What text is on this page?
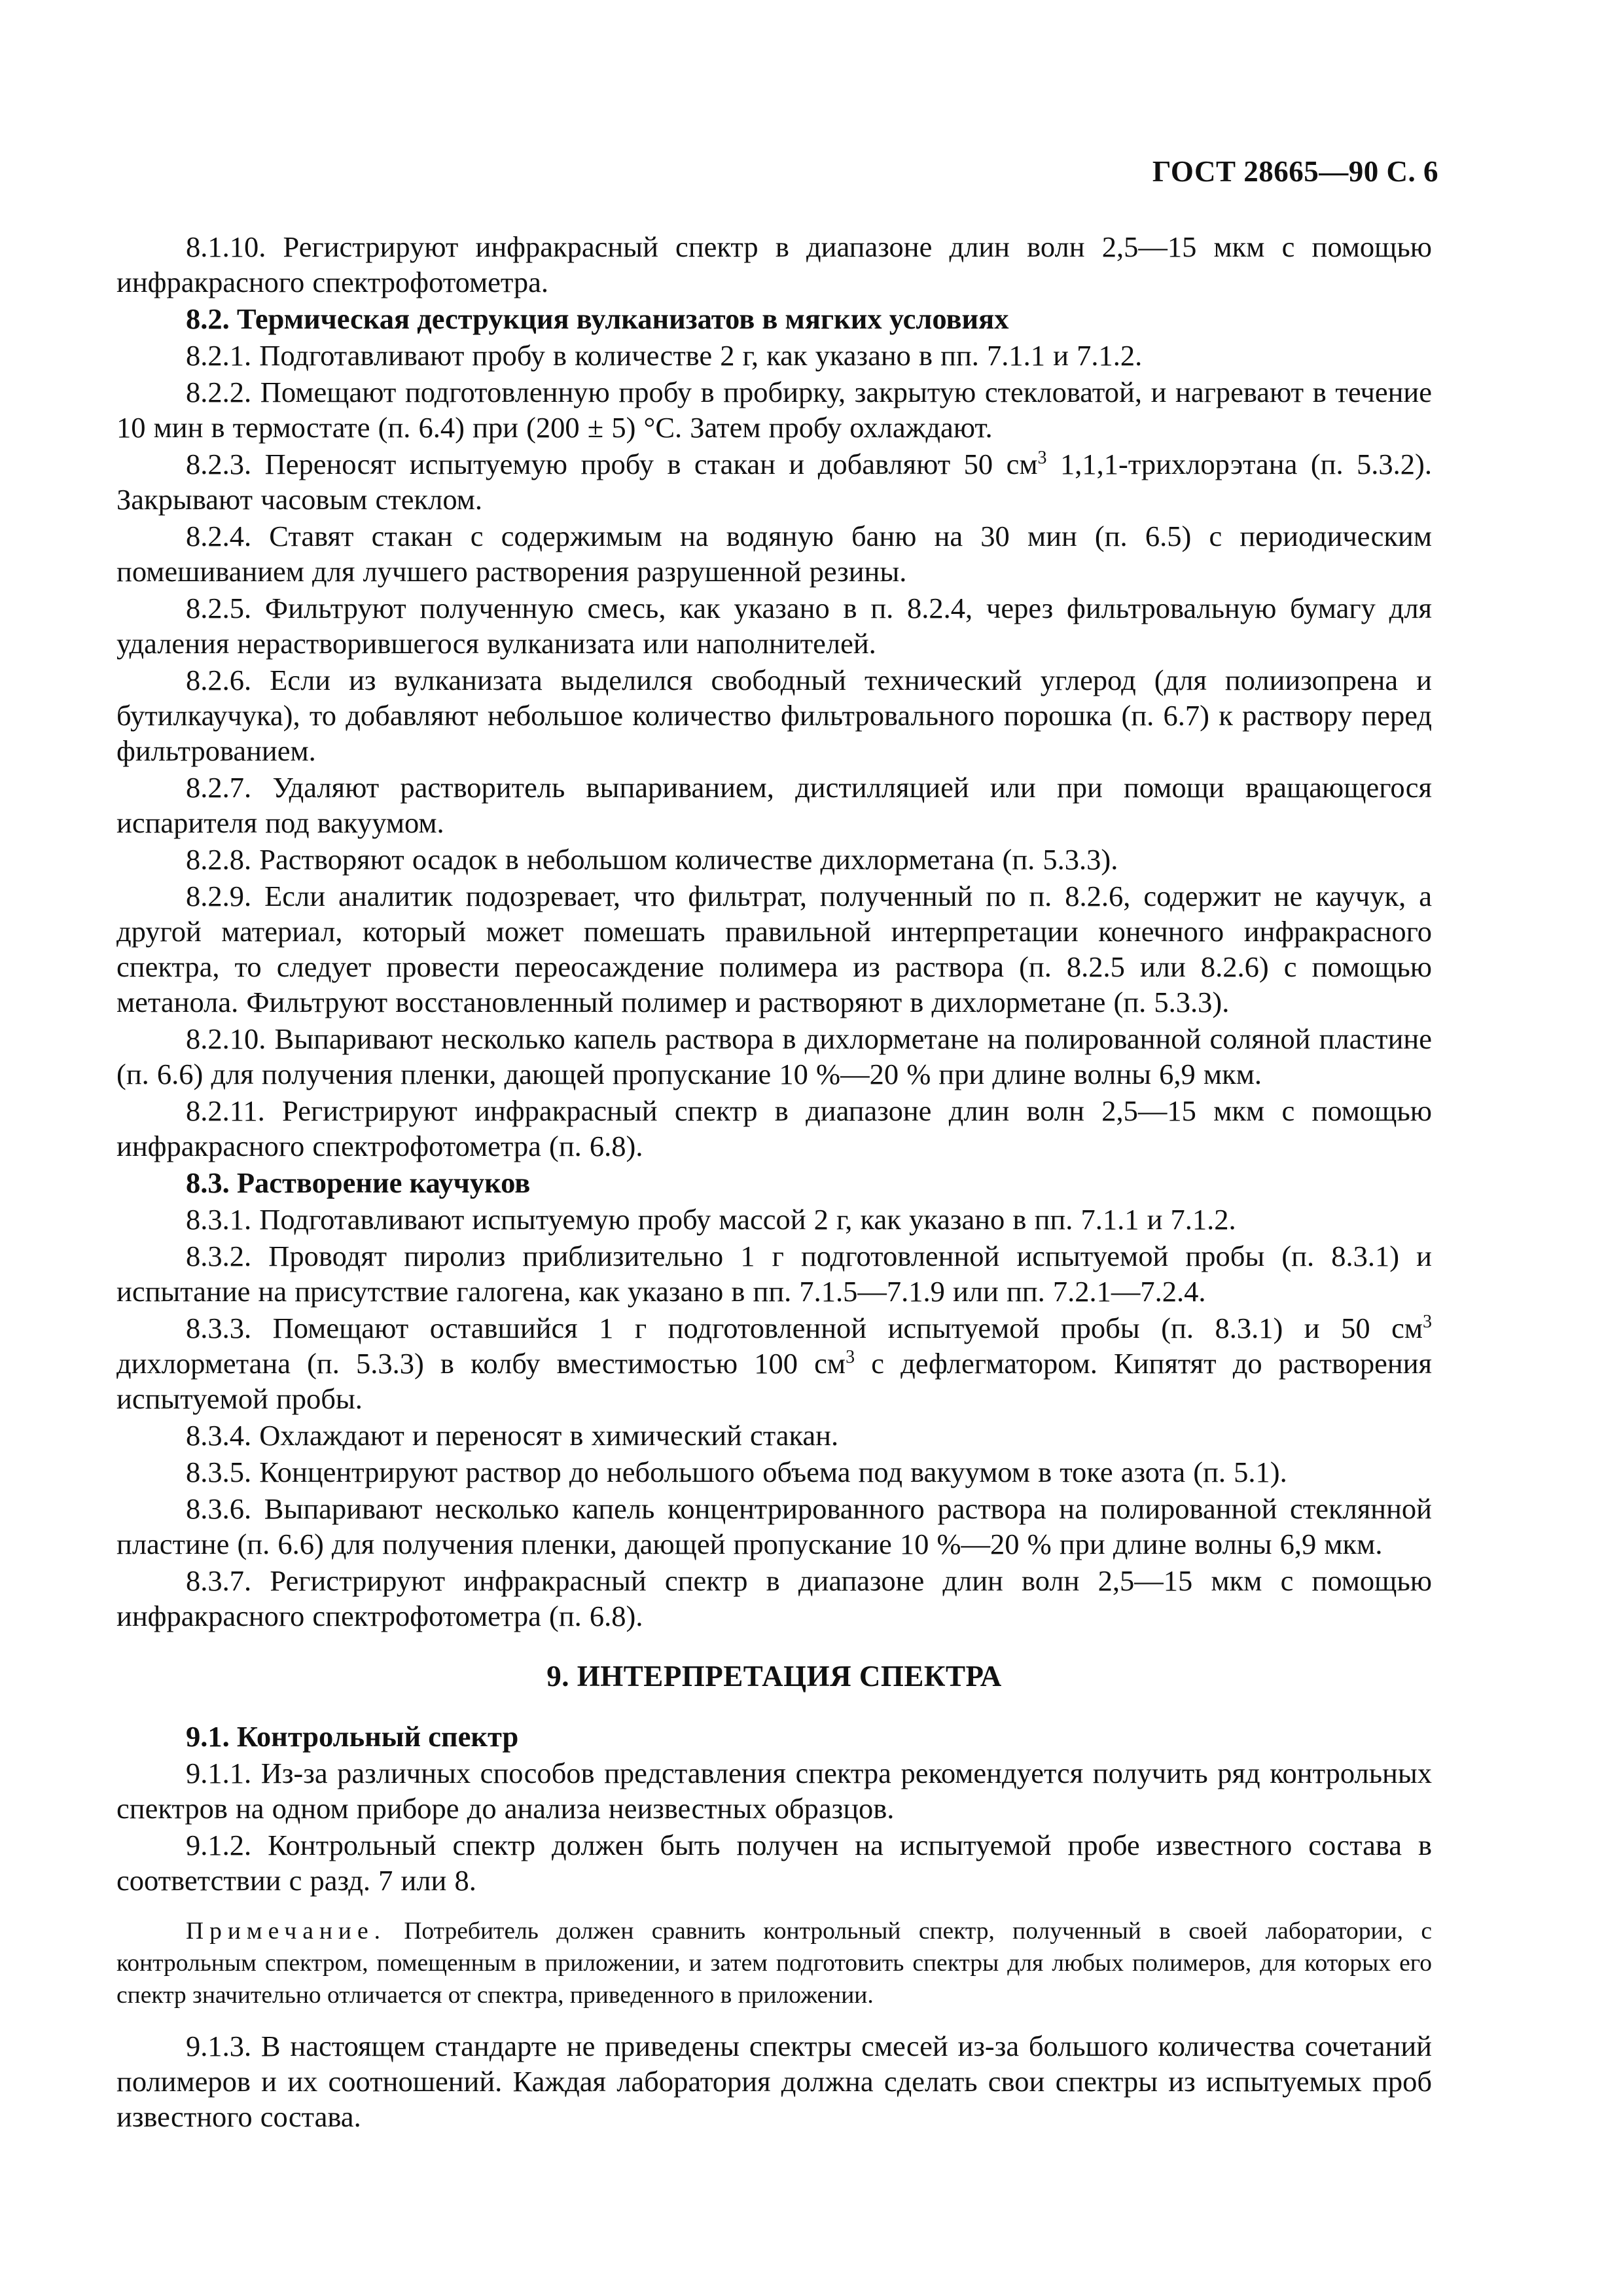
ГОСТ 28665—90 С. 6
8.1.10. Регистрируют инфракрасный спектр в диапазоне длин волн 2,5—15 мкм с помощью инфракрасного спектрофотометра.
8.2. Термическая деструкция вулканизатов в мягких условиях
8.2.1. Подготавливают пробу в количестве 2 г, как указано в пп. 7.1.1 и 7.1.2.
8.2.2. Помещают подготовленную пробу в пробирку, закрытую стекловатой, и нагревают в течение 10 мин в термостате (п. 6.4) при (200 ± 5) °С. Затем пробу охлаждают.
8.2.3. Переносят испытуемую пробу в стакан и добавляют 50 $см^3$ 1,1,1-трихлорэтана (п. 5.3.2). Закрывают часовым стеклом.
8.2.4. Ставят стакан с содержимым на водяную баню на 30 мин (п. 6.5) с периодическим помешиванием для лучшего растворения разрушенной резины.
8.2.5. Фильтруют полученную смесь, как указано в п. 8.2.4, через фильтровальную бумагу для удаления нерастворившегося вулканизата или наполнителей.
8.2.6. Если из вулканизата выделился свободный технический углерод (для полиизопрена и бутилкаучука), то добавляют небольшое количество фильтровального порошка (п. 6.7) к раствору перед фильтрованием.
8.2.7. Удаляют растворитель выпариванием, дистилляцией или при помощи вращающегося испарителя под вакуумом.
8.2.8. Растворяют осадок в небольшом количестве дихлорметана (п. 5.3.3).
8.2.9. Если аналитик подозревает, что фильтрат, полученный по п. 8.2.6, содержит не каучук, а другой материал, который может помешать правильной интерпретации конечного инфракрасного спектра, то следует провести переосаждение полимера из раствора (п. 8.2.5 или 8.2.6) с помощью метанола. Фильтруют восстановленный полимер и растворяют в дихлорметане (п. 5.3.3).
8.2.10. Выпаривают несколько капель раствора в дихлорметане на полированной соляной пластине (п. 6.6) для получения пленки, дающей пропускание 10 %—20 % при длине волны 6,9 мкм.
8.2.11. Регистрируют инфракрасный спектр в диапазоне длин волн 2,5—15 мкм с помощью инфракрасного спектрофотометра (п. 6.8).
8.3. Растворение каучуков
8.3.1. Подготавливают испытуемую пробу массой 2 г, как указано в пп. 7.1.1 и 7.1.2.
8.3.2. Проводят пиролиз приблизительно 1 г подготовленной испытуемой пробы (п. 8.3.1) и испытание на присутствие галогена, как указано в пп. 7.1.5—7.1.9 или пп. 7.2.1—7.2.4.
8.3.3. Помещают оставшийся 1 г подготовленной испытуемой пробы (п. 8.3.1) и 50 $см^3$ дихлорметана (п. 5.3.3) в колбу вместимостью 100 $см^3$ с дефлегматором. Кипятят до растворения испытуемой пробы.
8.3.4. Охлаждают и переносят в химический стакан.
8.3.5. Концентрируют раствор до небольшого объема под вакуумом в токе азота (п. 5.1).
8.3.6. Выпаривают несколько капель концентрированного раствора на полированной стеклянной пластине (п. 6.6) для получения пленки, дающей пропускание 10 %—20 % при длине волны 6,9 мкм.
8.3.7. Регистрируют инфракрасный спектр в диапазоне длин волн 2,5—15 мкм с помощью инфракрасного спектрофотометра (п. 6.8).
9. ИНТЕРПРЕТАЦИЯ СПЕКТРА
9.1. Контрольный спектр
9.1.1. Из-за различных способов представления спектра рекомендуется получить ряд контрольных спектров на одном приборе до анализа неизвестных образцов.
9.1.2. Контрольный спектр должен быть получен на испытуемой пробе известного состава в соответствии с разд. 7 или 8.
Примечание. Потребитель должен сравнить контрольный спектр, полученный в своей лаборатории, с контрольным спектром, помещенным в приложении, и затем подготовить спектры для любых полимеров, для которых его спектр значительно отличается от спектра, приведенного в приложении.
9.1.3. В настоящем стандарте не приведены спектры смесей из-за большого количества сочетаний полимеров и их соотношений. Каждая лаборатория должна сделать свои спектры из испытуемых проб известного состава.
